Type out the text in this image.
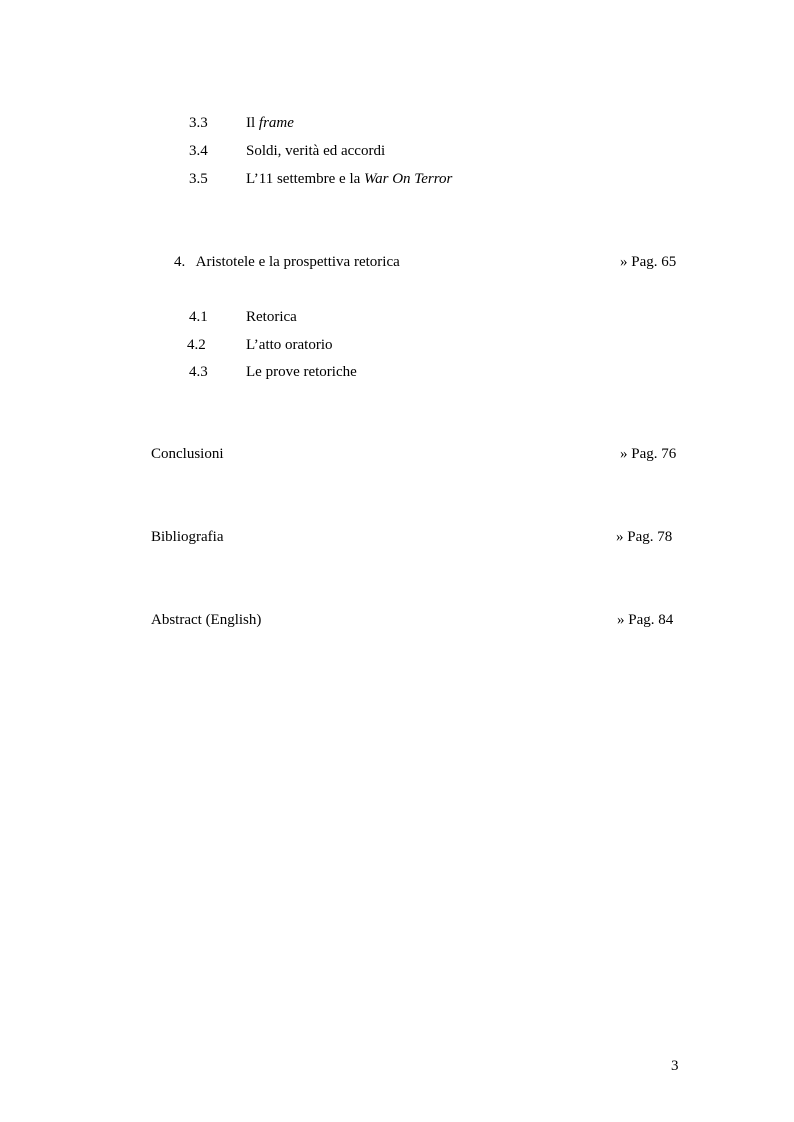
3.3	Il frame
3.4	Soldi, verità ed accordi
3.5	L’11 settembre e la War On Terror
4.   Aristotele e la prospettiva retorica	» Pag. 65
4.1	Retorica
4.2	L’atto oratorio
4.3	Le prove retoriche
Conclusioni	» Pag. 76
Bibliografia	» Pag. 78
Abstract (English)	» Pag. 84
3
